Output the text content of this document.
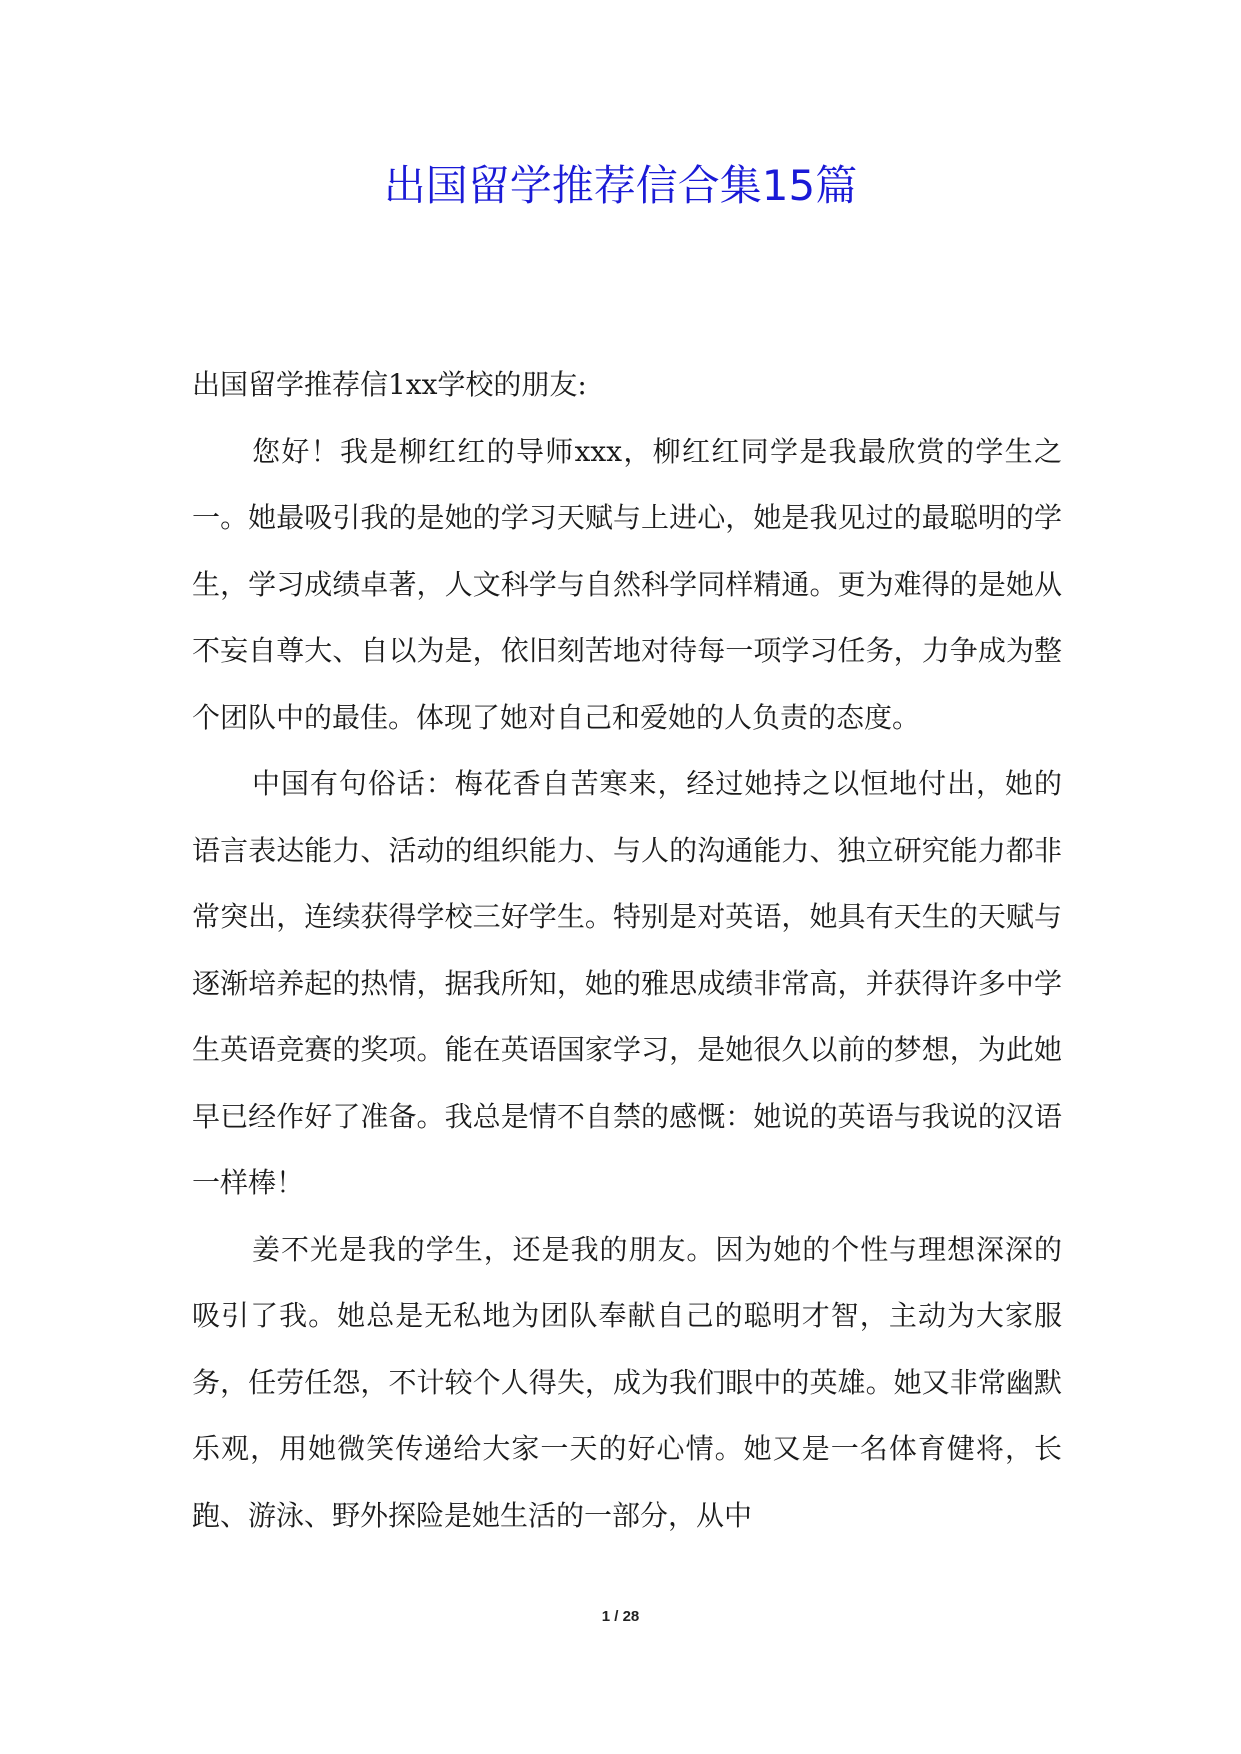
出国留学推荐信合集15篇

出国留学推荐信1xx学校的朋友:

您好！我是柳红红的导师xxx，柳红红同学是我最欣赏的学生之一。她最吸引我的是她的学习天赋与上进心，她是我见过的最聪明的学生，学习成绩卓著，人文科学与自然科学同样精通。更为难得的是她从不妄自尊大、自以为是，依旧刻苦地对待每一项学习任务，力争成为整个团队中的最佳。体现了她对自己和爱她的人负责的态度。

中国有句俗话：梅花香自苦寒来，经过她持之以恒地付出，她的语言表达能力、活动的组织能力、与人的沟通能力、独立研究能力都非常突出，连续获得学校三好学生。特别是对英语，她具有天生的天赋与逐渐培养起的热情，据我所知，她的雅思成绩非常高，并获得许多中学生英语竞赛的奖项。能在英语国家学习，是她很久以前的梦想，为此她早已经作好了准备。我总是情不自禁的感慨：她说的英语与我说的汉语一样棒！

姜不光是我的学生，还是我的朋友。因为她的个性与理想深深的吸引了我。她总是无私地为团队奉献自己的聪明才智，主动为大家服务，任劳任怨，不计较个人得失，成为我们眼中的英雄。她又非常幽默乐观，用她微笑传递给大家一天的好心情。她又是一名体育健将，长跑、游泳、野外探险是她生活的一部分，从中

1 / 28
